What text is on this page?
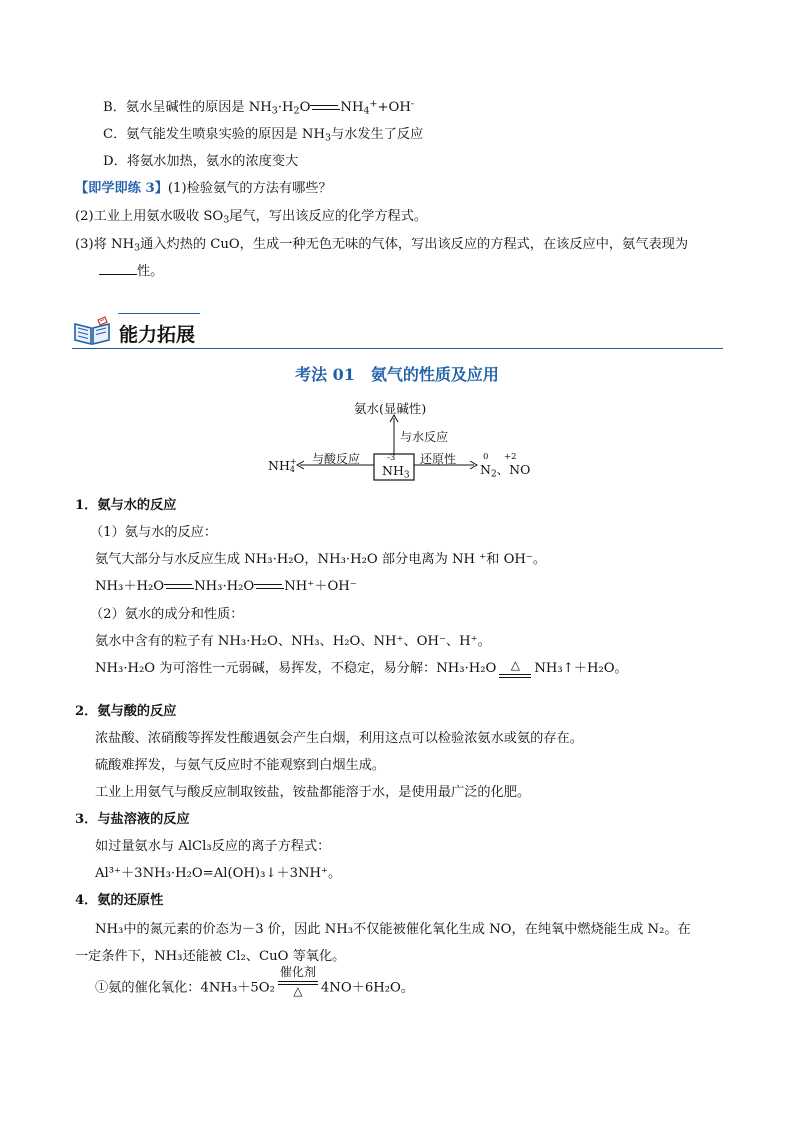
B．氨水呈碱性的原因是 $NH_3\cdot H_2O$ $NH_4^++OH^-$
C．氨气能发生喷泉实验的原因是 $NH_3$与水发生了反应
D．将氨水加热，氨水的浓度变大
【即学即练 3】(1)检验氨气的方法有哪些？
(2)工业上用氨水吸收 $SO_3$尾气，写出该反应的化学方程式。
(3)将 $NH_3$通入灼热的 CuO，生成一种无色无味的气体，写出该反应的方程式，在该反应中，氨气表现为
性。
能力拓展
考法 01　氨气的性质及应用
氨水(显碱性)
与水反应
与酸反应	还原性
NH+
4
-3
$NH_3$
0 +2
$N_2$、NO
1．氨与水的反应
（1）氨与水的反应：
氨气大部分与水反应生成 NH₃·H₂O，NH₃·H₂O 部分电离为 NH ⁺和 OH⁻。
NH₃＋H₂O NH₃·H₂O NH⁺＋OH⁻
（2）氨水的成分和性质：
氨水中含有的粒子有 NH₃·H₂O、NH₃、H₂O、NH⁺、OH⁻、H⁺。
NH₃·H₂O 为可溶性一元弱碱，易挥发，不稳定，易分解：NH₃·H₂O	△	NH₃↑＋H₂O。
2．氨与酸的反应
浓盐酸、浓硝酸等挥发性酸遇氨会产生白烟，利用这点可以检验浓氨水或氨的存在。
硫酸难挥发，与氨气反应时不能观察到白烟生成。
工业上用氨气与酸反应制取铵盐，铵盐都能溶于水，是使用最广泛的化肥。
3．与盐溶液的反应
如过量氨水与 AlCl₃反应的离子方程式：
Al³⁺＋3NH₃·H₂O=Al(OH)₃↓＋3NH⁺。
4．氨的还原性
NH₃中的氮元素的价态为－3 价，因此 NH₃不仅能被催化氧化生成 NO，在纯氧中燃烧能生成 N₂。在
一定条件下，NH₃还能被 Cl₂、CuO 等氧化。
①氨的催化氧化：4NH₃＋5O₂
催化剂
△	4NO＋6H₂O。
